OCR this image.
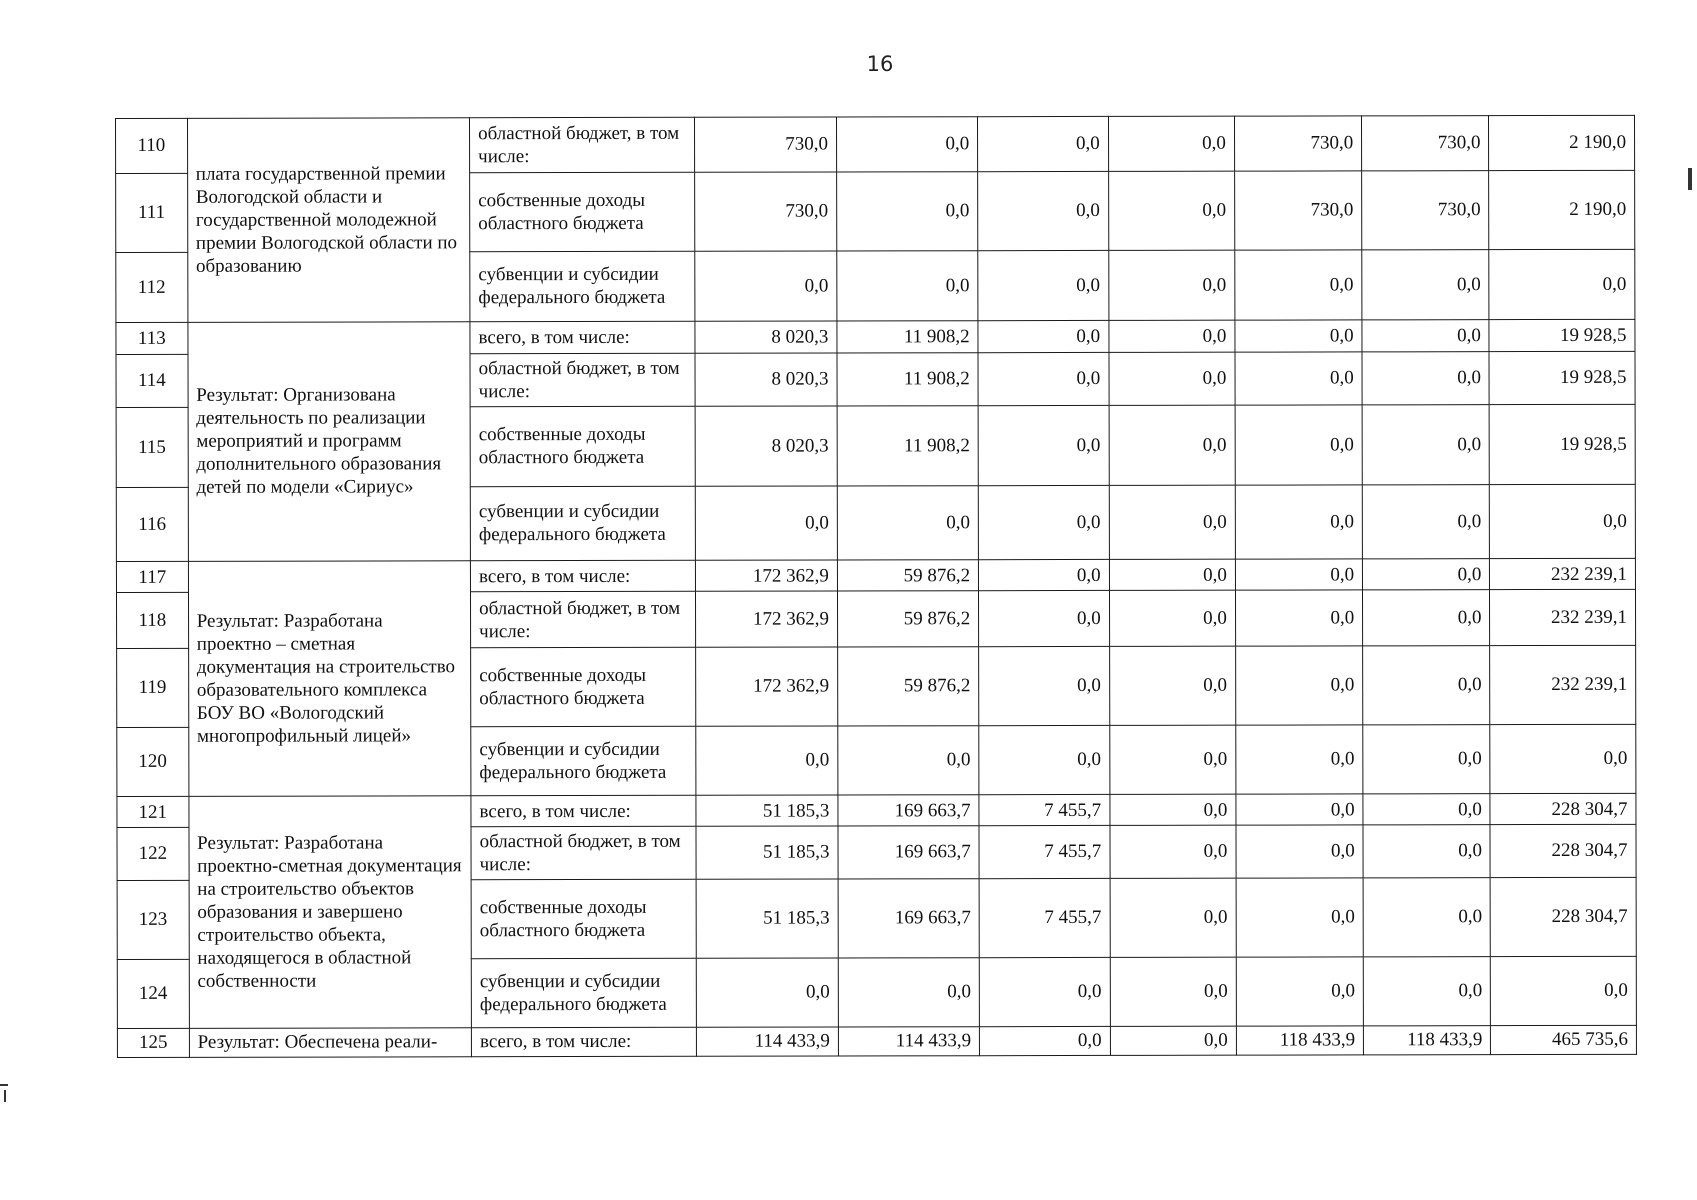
16
110	плата государственной премии Вологодской области и государственной молодежной премии Вологодской области по образованию	областной бюджет, в том числе:	730,0	0,0	0,0	0,0	730,0	730,0	2 190,0
111		собственные доходы областного бюджета	730,0	0,0	0,0	0,0	730,0	730,0	2 190,0
112		субвенции и субсидии федерального бюджета	0,0	0,0	0,0	0,0	0,0	0,0	0,0
113	Результат: Организована деятельность по реализации мероприятий и программ дополнительного образования детей по модели «Сириус»	всего, в том числе:	8 020,3	11 908,2	0,0	0,0	0,0	0,0	19 928,5
114		областной бюджет, в том числе:	8 020,3	11 908,2	0,0	0,0	0,0	0,0	19 928,5
115		собственные доходы областного бюджета	8 020,3	11 908,2	0,0	0,0	0,0	0,0	19 928,5
116		субвенции и субсидии федерального бюджета	0,0	0,0	0,0	0,0	0,0	0,0	0,0
117	Результат: Разработана проектно – сметная документация на строительство образовательного комплекса БОУ ВО «Вологодский многопрофильный лицей»	всего, в том числе:	172 362,9	59 876,2	0,0	0,0	0,0	0,0	232 239,1
118		областной бюджет, в том числе:	172 362,9	59 876,2	0,0	0,0	0,0	0,0	232 239,1
119		собственные доходы областного бюджета	172 362,9	59 876,2	0,0	0,0	0,0	0,0	232 239,1
120		субвенции и субсидии федерального бюджета	0,0	0,0	0,0	0,0	0,0	0,0	0,0
121	Результат: Разработана проектно-сметная документация на строительство объектов образования и завершено строительство объекта, находящегося в областной собственности	всего, в том числе:	51 185,3	169 663,7	7 455,7	0,0	0,0	0,0	228 304,7
122		областной бюджет, в том числе:	51 185,3	169 663,7	7 455,7	0,0	0,0	0,0	228 304,7
123		собственные доходы областного бюджета	51 185,3	169 663,7	7 455,7	0,0	0,0	0,0	228 304,7
124		субвенции и субсидии федерального бюджета	0,0	0,0	0,0	0,0	0,0	0,0	0,0
125	Результат: Обеспечена реали-	всего, в том числе:	114 433,9	114 433,9	0,0	0,0	118 433,9	118 433,9	465 735,6
